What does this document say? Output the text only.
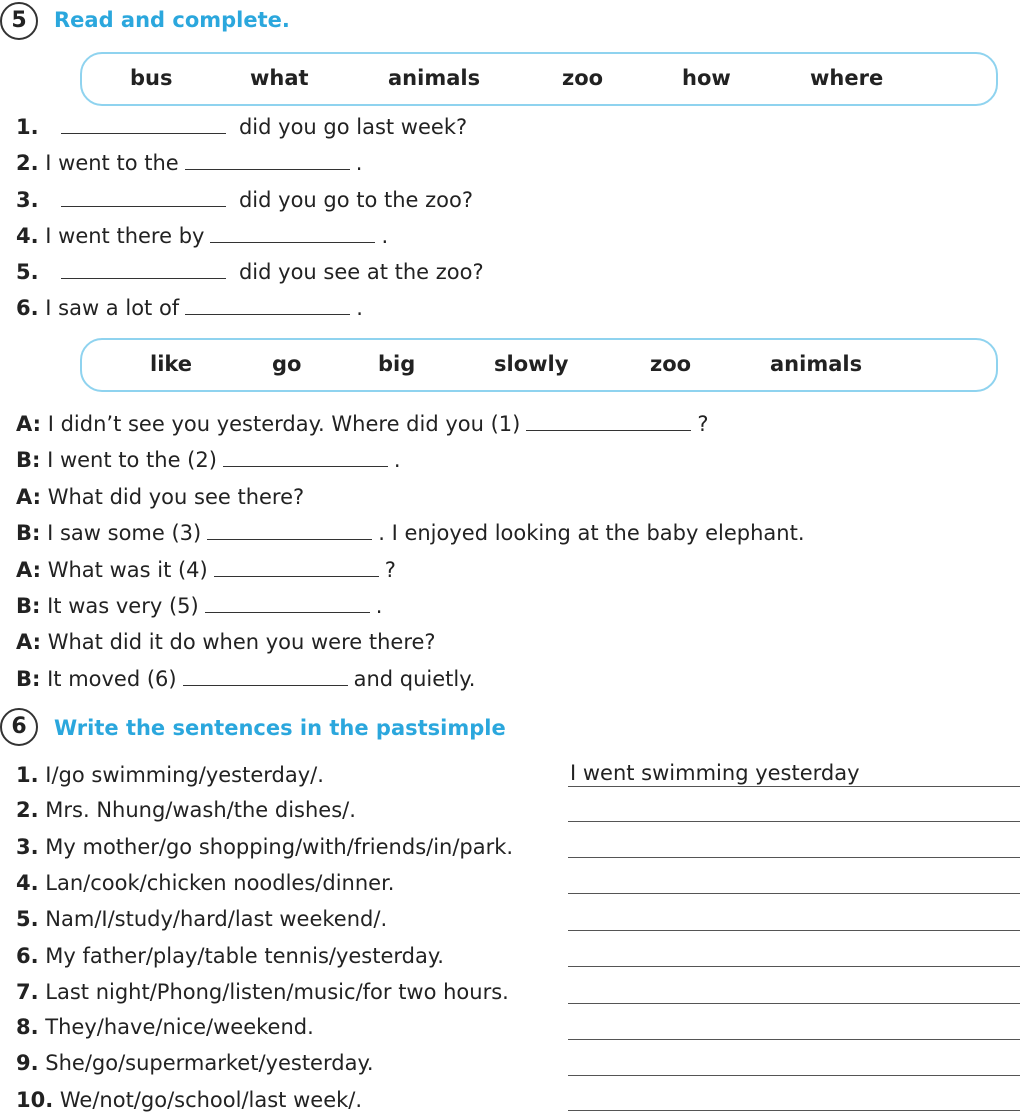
5	Read and complete.
bus	what	animals	zoo	how	where
1.	did you go last week?
2. I went to the	.
3.	did you go to the zoo?
4. I went there by	.
5.	did you see at the zoo?
6. I saw a lot of	.
like	go	big	slowly	zoo	animals
A: I didn’t see you yesterday. Where did you (1)	?
B: I went to the (2)	.
A: What did you see there?
B: I saw some (3)	. I enjoyed looking at the baby elephant.
A: What was it (4)	?
B: It was very (5)	.
A: What did it do when you were there?
B: It moved (6)	and quietly.
6	Write the sentences in the pastsimple
1. I/go swimming/yesterday/.	I went swimming yesterday
2. Mrs. Nhung/wash/the dishes/.
3. My mother/go shopping/with/friends/in/park.
4. Lan/cook/chicken noodles/dinner.
5. Nam/I/study/hard/last weekend/.
6. My father/play/table tennis/yesterday.
7. Last night/Phong/listen/music/for two hours.
8. They/have/nice/weekend.
9. She/go/supermarket/yesterday.
10. We/not/go/school/last week/.
